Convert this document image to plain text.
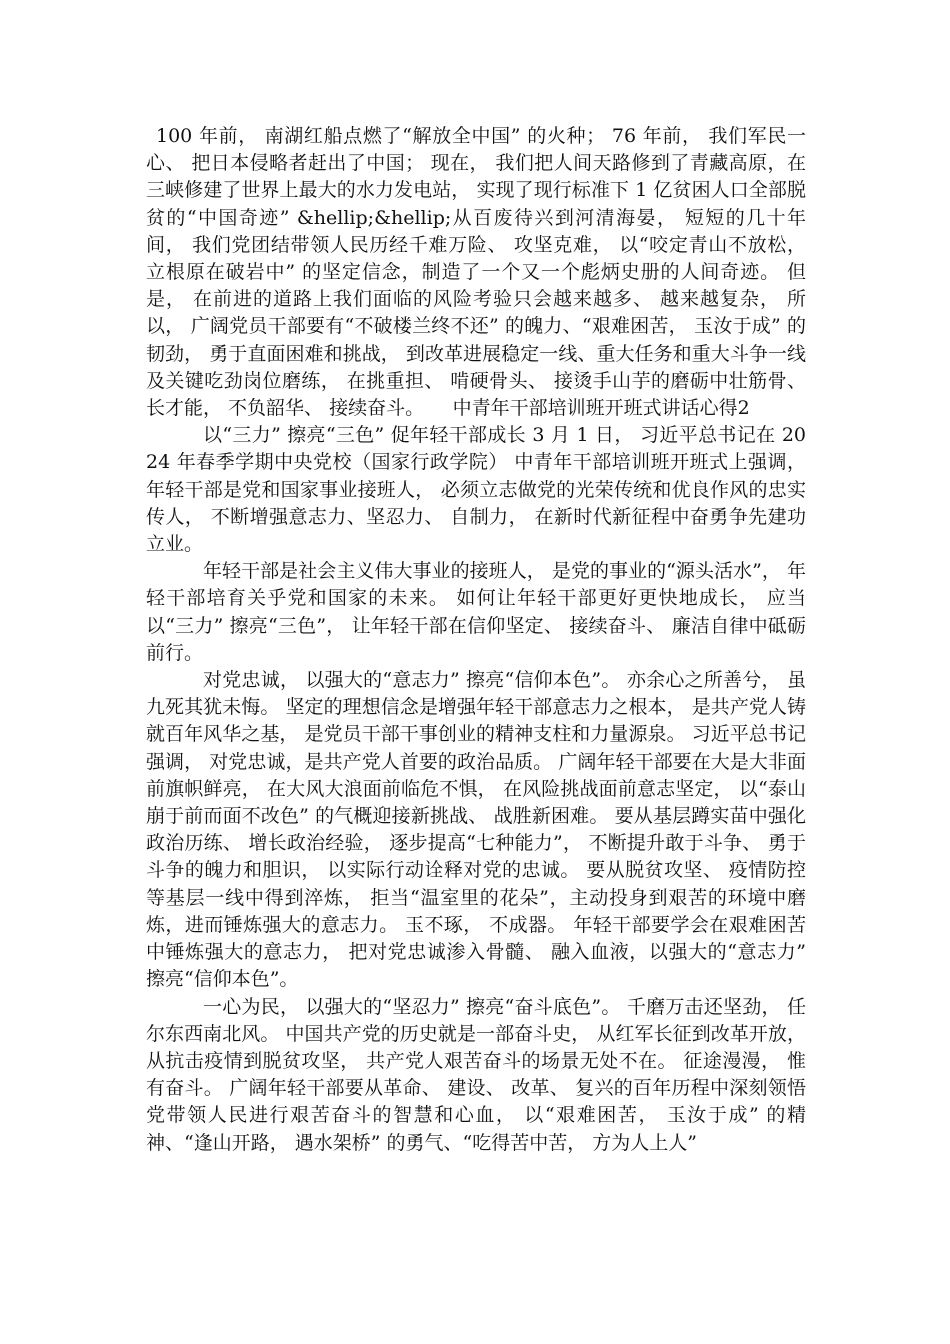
100 年前， 南湖红船点燃了“解放全中国” 的火种； 76 年前， 我们军民一心、 把日本侵略者赶出了中国； 现在， 我们把人间天路修到了青藏高原，在三峡修建了世界上最大的水力发电站， 实现了现行标准下 1 亿贫困人口全部脱贫的“中国奇迹” &hellip;&hellip;从百废待兴到河清海晏， 短短的几十年间， 我们党团结带领人民历经千难万险、 攻坚克难， 以“咬定青山不放松， 立根原在破岩中” 的坚定信念，制造了一个又一个彪炳史册的人间奇迹。 但是， 在前进的道路上我们面临的风险考验只会越来越多、 越来越复杂， 所以， 广阔党员干部要有“不破楼兰终不还” 的魄力、“艰难困苦， 玉汝于成” 的韧劲， 勇于直面困难和挑战， 到改革进展稳定一线、重大任务和重大斗争一线及关键吃劲岗位磨练， 在挑重担、 啃硬骨头、 接烫手山芋的磨砺中壮筋骨、 长才能， 不负韶华、 接续奋斗。　　 中青年干部培训班开班式讲话心得2

以“三力” 擦亮“三色” 促年轻干部成长 3 月 1 日， 习近平总书记在 2024 年春季学期中央党校（国家行政学院） 中青年干部培训班开班式上强调， 年轻干部是党和国家事业接班人， 必须立志做党的光荣传统和优良作风的忠实传人， 不断增强意志力、坚忍力、 自制力， 在新时代新征程中奋勇争先建功立业。

年轻干部是社会主义伟大事业的接班人， 是党的事业的“源头活水”， 年轻干部培育关乎党和国家的未来。 如何让年轻干部更好更快地成长， 应当以“三力” 擦亮“三色”， 让年轻干部在信仰坚定、 接续奋斗、 廉洁自律中砥砺前行。

对党忠诚， 以强大的“意志力” 擦亮“信仰本色”。 亦余心之所善兮， 虽九死其犹未悔。 坚定的理想信念是增强年轻干部意志力之根本， 是共产党人铸就百年风华之基， 是党员干部干事创业的精神支柱和力量源泉。 习近平总书记强调， 对党忠诚，是共产党人首要的政治品质。 广阔年轻干部要在大是大非面前旗帜鲜亮， 在大风大浪面前临危不惧， 在风险挑战面前意志坚定， 以“泰山崩于前而面不改色” 的气概迎接新挑战、 战胜新困难。 要从基层蹲实苗中强化政治历练、 增长政治经验， 逐步提高“七种能力”， 不断提升敢于斗争、 勇于斗争的魄力和胆识， 以实际行动诠释对党的忠诚。 要从脱贫攻坚、 疫情防控等基层一线中得到淬炼， 拒当“温室里的花朵”，主动投身到艰苦的环境中磨炼，进而锤炼强大的意志力。 玉不琢， 不成器。 年轻干部要学会在艰难困苦中锤炼强大的意志力， 把对党忠诚渗入骨髓、 融入血液，以强大的“意志力” 擦亮“信仰本色”。

一心为民， 以强大的“坚忍力” 擦亮“奋斗底色”。 千磨万击还坚劲， 任尔东西南北风。 中国共产党的历史就是一部奋斗史， 从红军长征到改革开放， 从抗击疫情到脱贫攻坚， 共产党人艰苦奋斗的场景无处不在。 征途漫漫， 惟有奋斗。 广阔年轻干部要从革命、 建设、 改革、 复兴的百年历程中深刻领悟党带领人民进行艰苦奋斗的智慧和心血， 以“艰难困苦， 玉汝于成” 的精神、“逢山开路， 遇水架桥” 的勇气、“吃得苦中苦， 方为人上人”
